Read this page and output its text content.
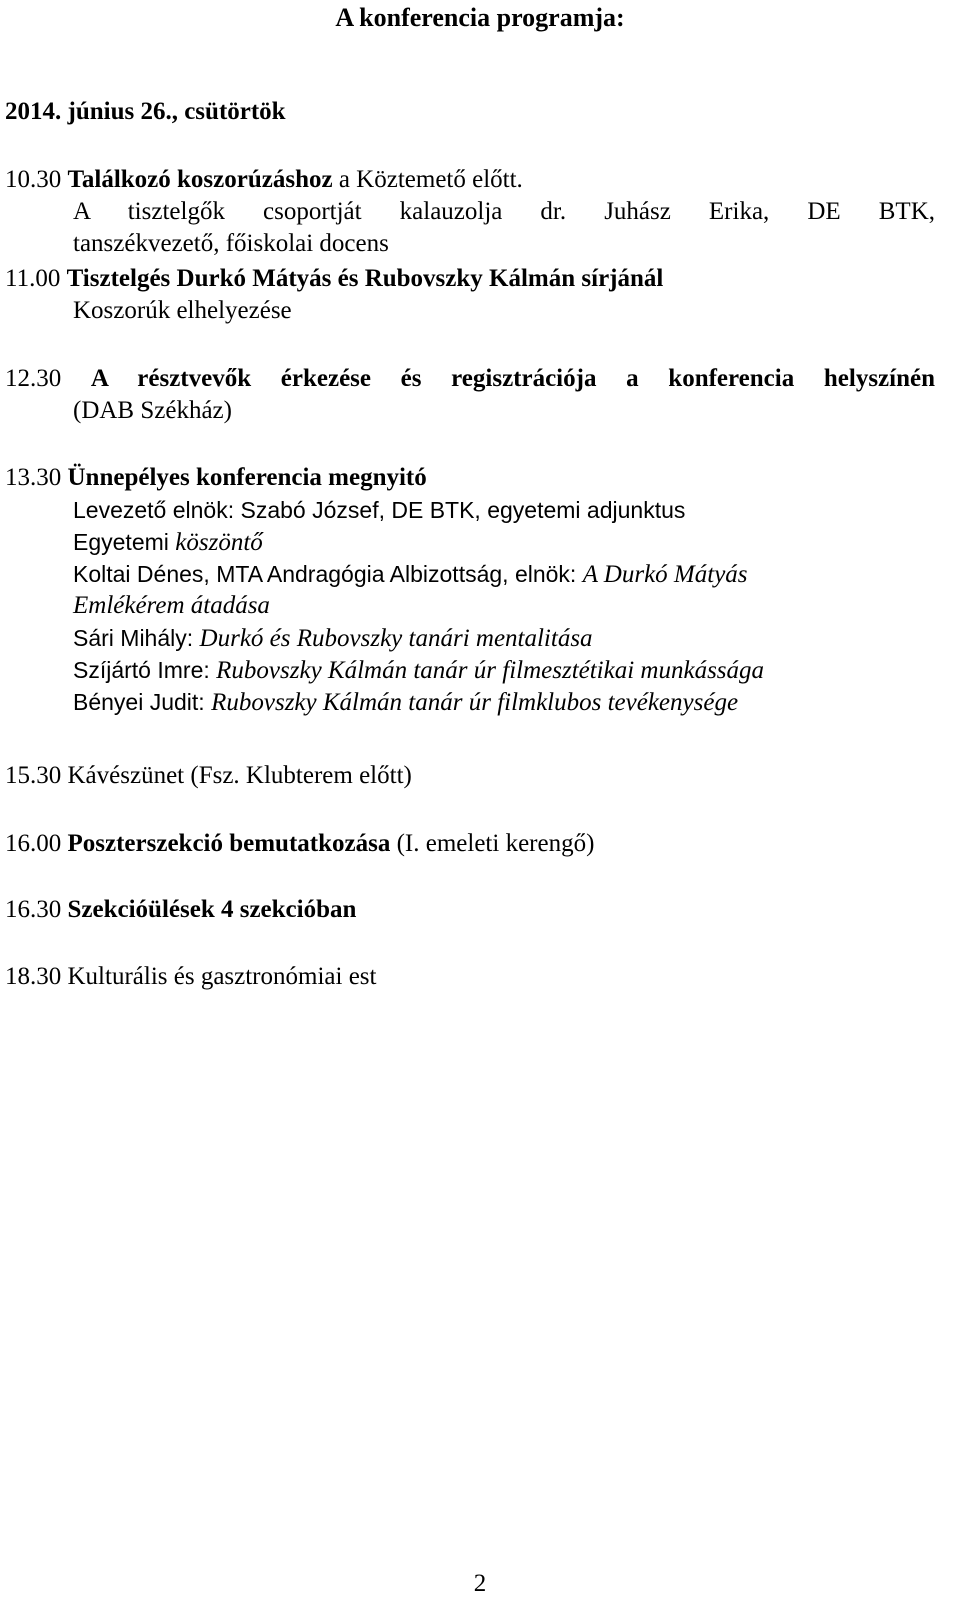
A konferencia programja:
2014. június 26., csütörtök
10.30 Találkozó koszorúzáshoz a Köztemető előtt.
A tisztelgők csoportját kalauzolja dr. Juhász Erika, DE BTK,
tanszékvezető, főiskolai docens
11.00 Tisztelgés Durkó Mátyás és Rubovszky Kálmán sírjánál
Koszorúk elhelyezése
12.30 A résztvevők érkezése és regisztrációja a konferencia helyszínén
(DAB Székház)
13.30 Ünnepélyes konferencia megnyitó
Levezető elnök: Szabó József, DE BTK, egyetemi adjunktus
Egyetemi köszöntő
Koltai Dénes, MTA Andragógia Albizottság, elnök: A Durkó Mátyás
Emlékérem átadása
Sári Mihály: Durkó és Rubovszky tanári mentalitása
Szíjártó Imre: Rubovszky Kálmán tanár úr filmesztétikai munkássága
Bényei Judit: Rubovszky Kálmán tanár úr filmklubos tevékenysége
15.30 Kávészünet (Fsz. Klubterem előtt)
16.00 Poszterszekció bemutatkozása (I. emeleti kerengő)
16.30 Szekcióülések 4 szekcióban
18.30 Kulturális és gasztronómiai est
2
